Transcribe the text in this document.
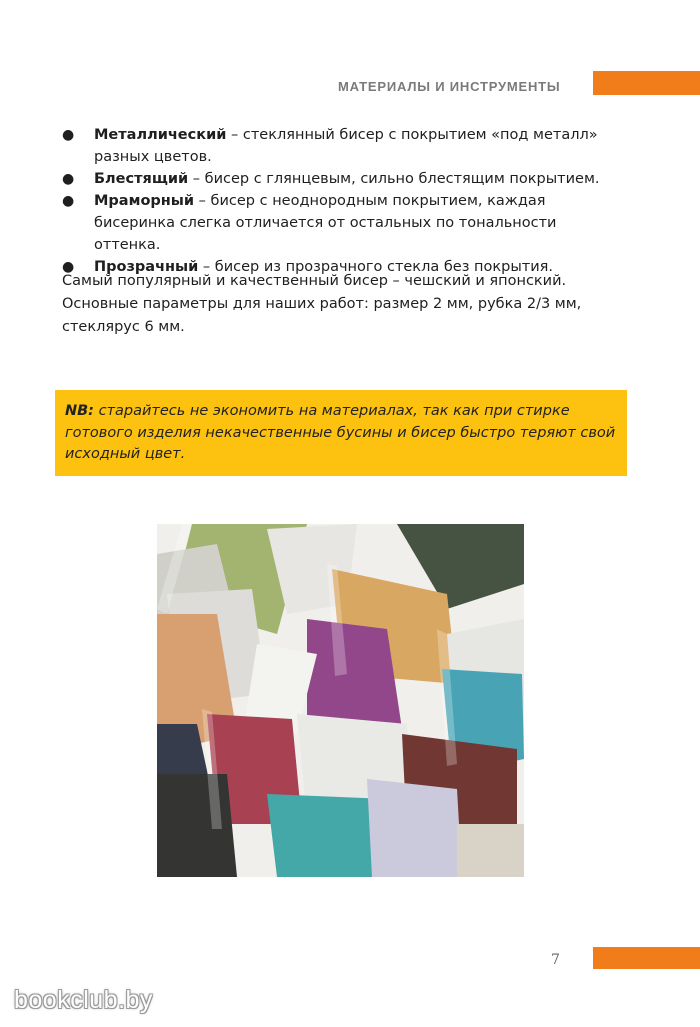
МАТЕРИАЛЫ И ИНСТРУМЕНТЫ
● Металлический – стеклянный бисер с покрытием «под металл» разных цветов.
● Блестящий – бисер с глянцевым, сильно блестящим покрытием.
● Мраморный – бисер с неоднородным покрытием, каждая бисеринка слегка отличается от остальных по тональности оттенка.
● Прозрачный – бисер из прозрачного стекла без покрытия.

Самый популярный и качественный бисер – чешский и японский. Основные параметры для наших работ: размер 2 мм, рубка 2/3 мм, стеклярус 6 мм.

NB: старайтесь не экономить на материалах, так как при стирке готового изделия некачественные бусины и бисер быстро теряют свой исходный цвет.

7
bookclub.by
